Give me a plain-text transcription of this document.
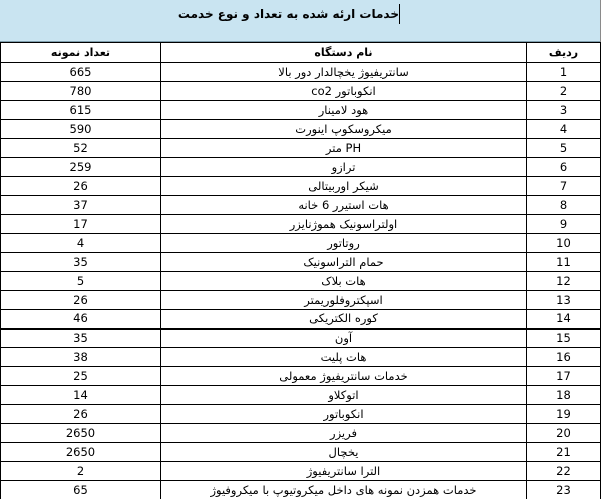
خدمات ارئه شده به تعداد و نوع خدمت
تعداد نمونه	نام دستگاه	ردیف
665	سانتریفیوژ یخچالدار دور بالا	1
780	انکوباتور co2	2
615	هود لامینار	3
590	میکروسکوپ اینورت	4
52	PH متر	5
259	ترازو	6
26	شیکر اوربیتالی	7
37	هات استیرر 6 خانه	8
17	اولتراسونیک هموژنایزر	9
4	روتاتور	10
35	حمام التراسونیک	11
5	هات بلاک	12
26	اسپکتروفلوریمتر	13
46	کوره الکتریکی	14
35	آون	15
38	هات پلیت	16
25	خدمات سانتریفیوژ معمولی	17
14	اتوکلاو	18
26	انکوباتور	19
2650	فریزر	20
2650	یخچال	21
2	الترا سانتریفیوژ	22
65	خدمات همزدن نمونه های داخل میکروتیوپ با میکروفیوژ	23
